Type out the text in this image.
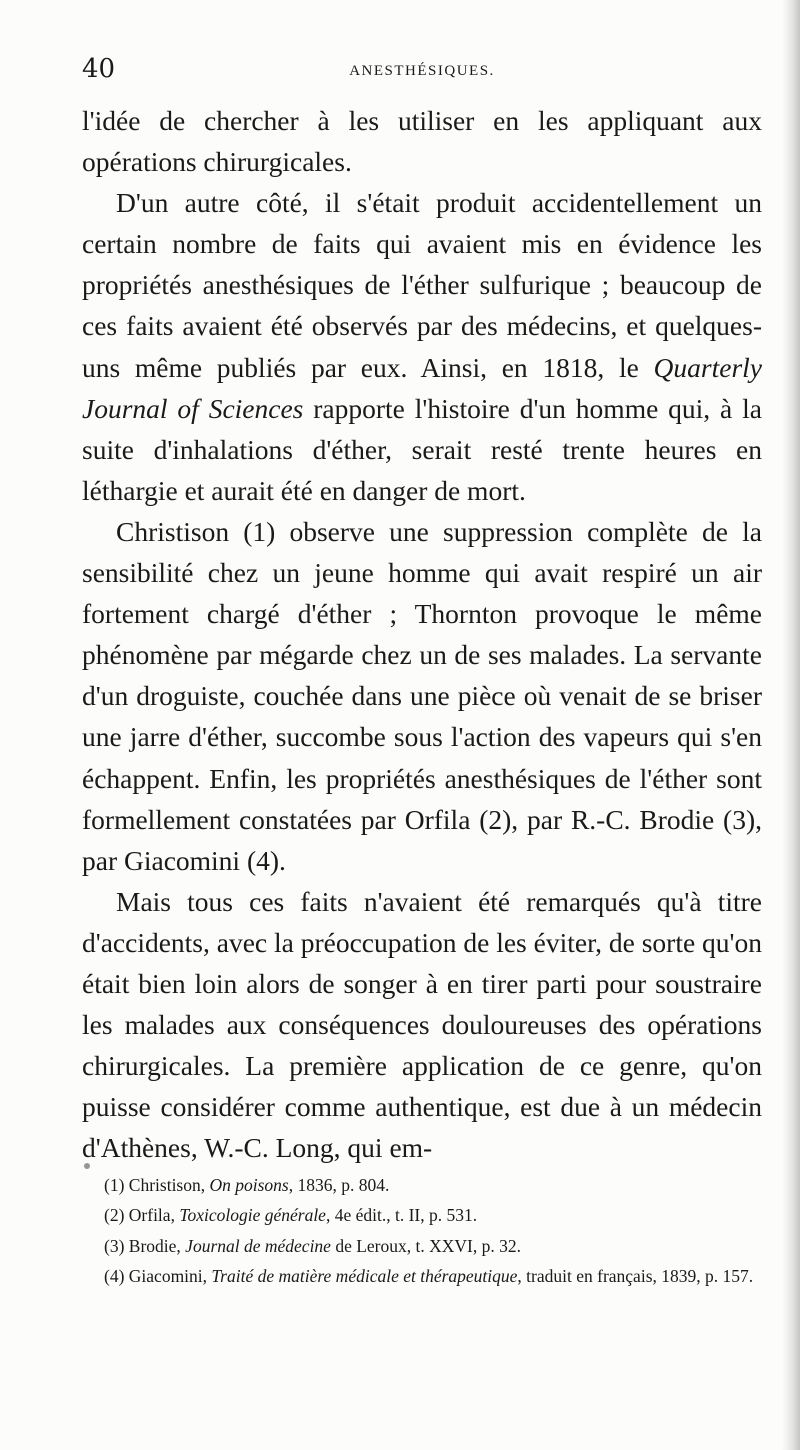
40	ANESTHÉSIQUES.

l'idée de chercher à les utiliser en les appliquant aux opérations chirurgicales.

D'un autre côté, il s'était produit accidentellement un certain nombre de faits qui avaient mis en évidence les propriétés anesthésiques de l'éther sulfurique ; beaucoup de ces faits avaient été observés par des médecins, et quelques-uns même publiés par eux. Ainsi, en 1818, le Quarterly Journal of Sciences rapporte l'histoire d'un homme qui, à la suite d'inhalations d'éther, serait resté trente heures en léthargie et aurait été en danger de mort.

Christison (1) observe une suppression complète de la sensibilité chez un jeune homme qui avait respiré un air fortement chargé d'éther ; Thornton provoque le même phénomène par mégarde chez un de ses malades. La servante d'un droguiste, couchée dans une pièce où venait de se briser une jarre d'éther, succombe sous l'action des vapeurs qui s'en échappent. Enfin, les propriétés anesthésiques de l'éther sont formellement constatées par Orfila (2), par R.-C. Brodie (3), par Giacomini (4).

Mais tous ces faits n'avaient été remarqués qu'à titre d'accidents, avec la préoccupation de les éviter, de sorte qu'on était bien loin alors de songer à en tirer parti pour soustraire les malades aux conséquences douloureuses des opérations chirurgicales. La première application de ce genre, qu'on puisse considérer comme authentique, est due à un médecin d'Athènes, W.-C. Long, qui em-

(1) Christison, On poisons, 1836, p. 804.

(2) Orfila, Toxicologie générale, 4e édit., t. II, p. 531.

(3) Brodie, Journal de médecine de Leroux, t. XXVI, p. 32.

(4) Giacomini, Traité de matière médicale et thérapeutique, traduit en français, 1839, p. 157.
